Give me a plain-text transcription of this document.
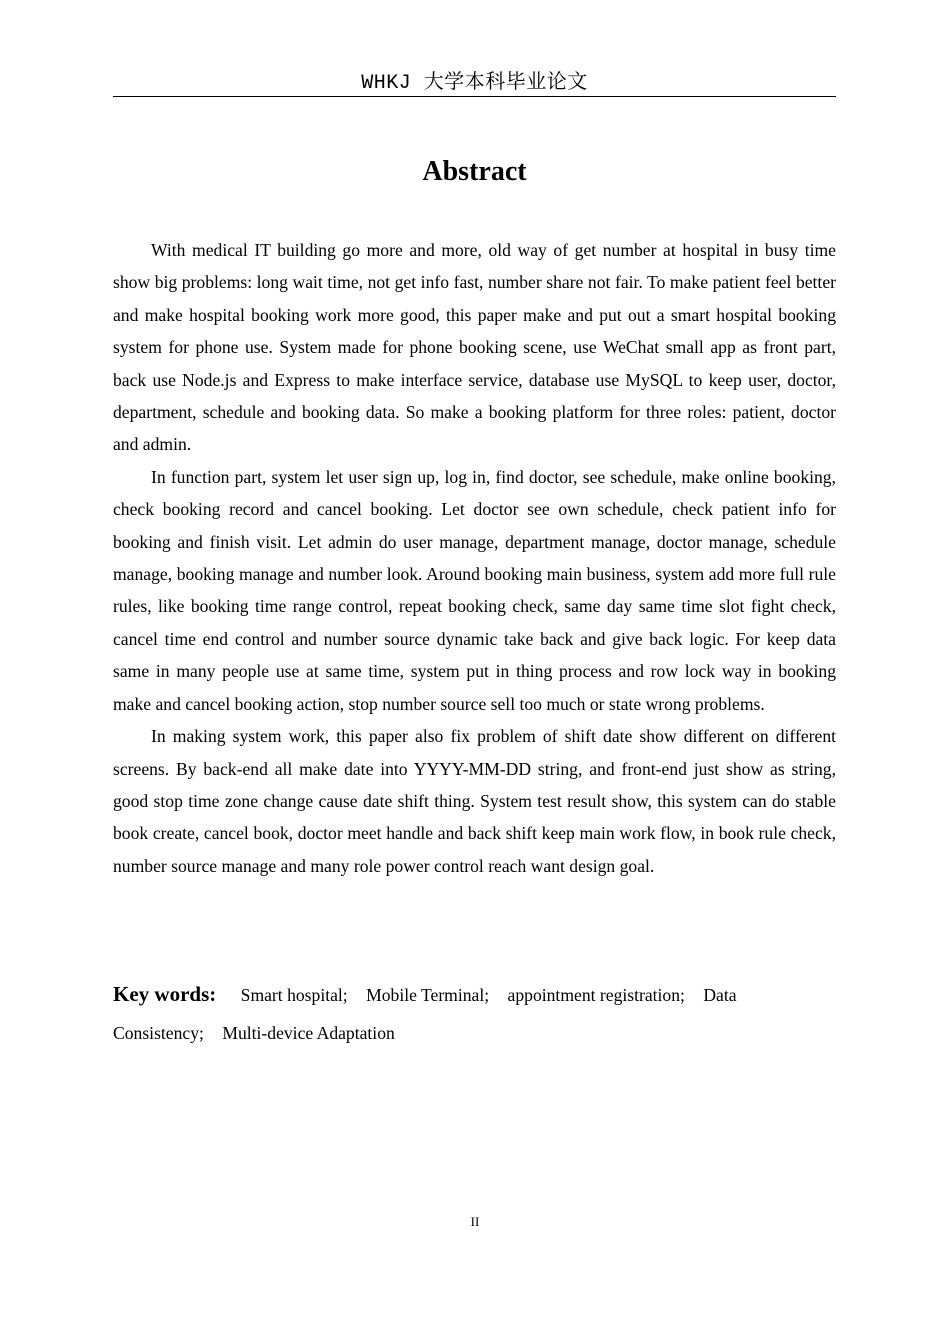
WHKJ 大学本科毕业论文
Abstract

With medical IT building go more and more, old way of get number at hospital in busy time show big problems: long wait time, not get info fast, number share not fair. To make patient feel better and make hospital booking work more good, this paper make and put out a smart hospital booking system for phone use. System made for phone booking scene, use WeChat small app as front part, back use Node.js and Express to make interface service, database use MySQL to keep user, doctor, department, schedule and booking data. So make a booking platform for three roles: patient, doctor and admin.

In function part, system let user sign up, log in, find doctor, see schedule, make online booking, check booking record and cancel booking. Let doctor see own schedule, check patient info for booking and finish visit. Let admin do user manage, department manage, doctor manage, schedule manage, booking manage and number look. Around booking main business, system add more full rule rules, like booking time range control, repeat booking check, same day same time slot fight check, cancel time end control and number source dynamic take back and give back logic. For keep data same in many people use at same time, system put in thing process and row lock way in booking make and cancel booking action, stop number source sell too much or state wrong problems.

In making system work, this paper also fix problem of shift date show different on different screens. By back-end all make date into YYYY-MM-DD string, and front-end just show as string, good stop time zone change cause date shift thing. System test result show, this system can do stable book create, cancel book, doctor meet handle and back shift keep main work flow, in book rule check, number source manage and many role power control reach want design goal.

Key words: Smart hospital; Mobile Terminal; appointment registration; Data Consistency; Multi-device Adaptation
II
